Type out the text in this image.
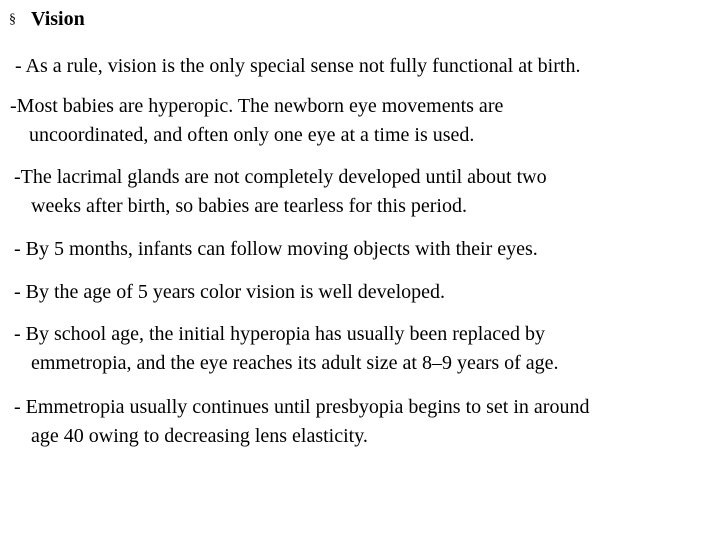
§ Vision
- As a rule, vision is the only special sense not fully functional at birth.
-Most babies are hyperopic. The newborn eye movements are
uncoordinated, and often only one eye at a time is used.
-The lacrimal glands are not completely developed until about two
weeks after birth, so babies are tearless for this period.
- By 5 months, infants can follow moving objects with their eyes.
- By the age of 5 years color vision is well developed.
- By school age, the initial hyperopia has usually been replaced by
emmetropia, and the eye reaches its adult size at 8–9 years of age.
- Emmetropia usually continues until presbyopia begins to set in around
age 40 owing to decreasing lens elasticity.
